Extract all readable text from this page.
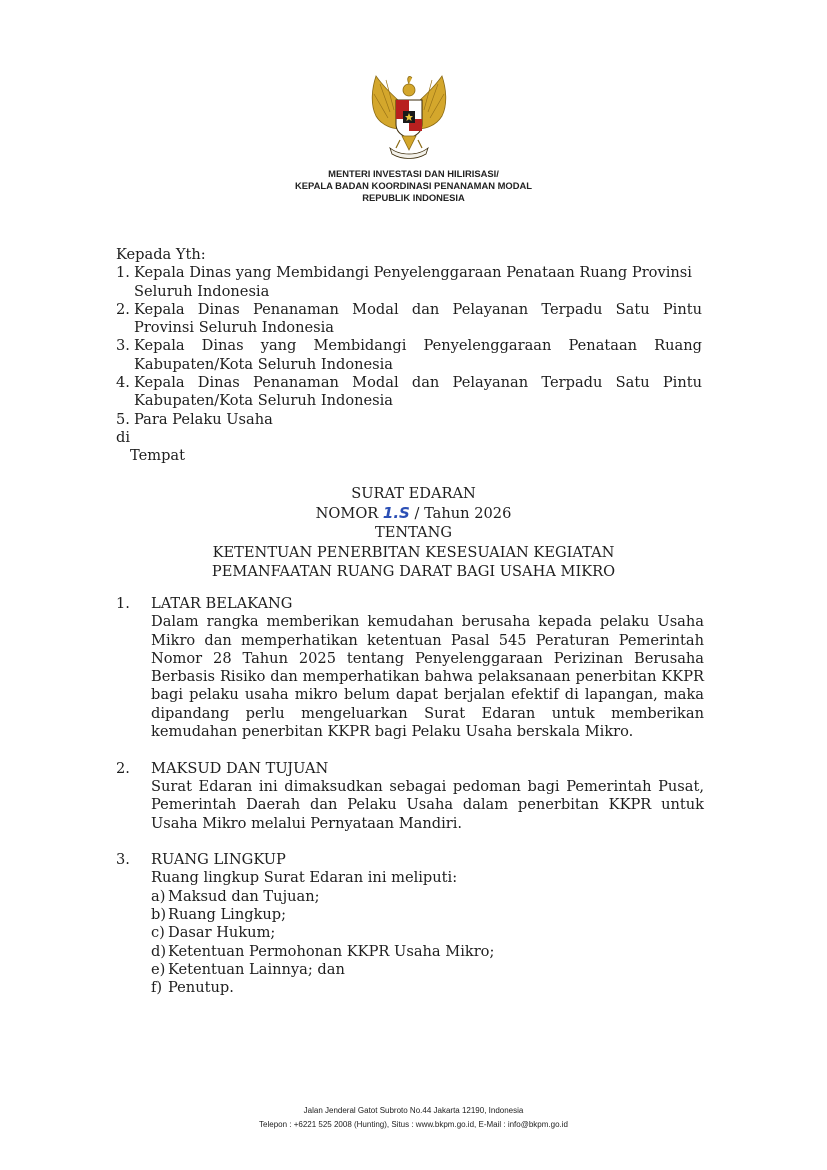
MENTERI INVESTASI DAN HILIRISASI/
KEPALA BADAN KOORDINASI PENANAMAN MODAL
REPUBLIK INDONESIA
Kepada Yth:
1. Kepala Dinas yang Membidangi Penyelenggaraan Penataan Ruang Provinsi
Seluruh Indonesia
2. Kepala Dinas Penanaman Modal dan Pelayanan Terpadu Satu Pintu
Provinsi Seluruh Indonesia
3. Kepala Dinas yang Membidangi Penyelenggaraan Penataan Ruang
Kabupaten/Kota Seluruh Indonesia
4. Kepala Dinas Penanaman Modal dan Pelayanan Terpadu Satu Pintu
Kabupaten/Kota Seluruh Indonesia
5. Para Pelaku Usaha
di
Tempat
SURAT EDARAN
NOMOR 1.S / Tahun 2026
TENTANG
KETENTUAN PENERBITAN KESESUAIAN KEGIATAN
PEMANFAATAN RUANG DARAT BAGI USAHA MIKRO
1.	LATAR BELAKANG

Dalam rangka memberikan kemudahan berusaha kepada pelaku Usaha Mikro dan memperhatikan ketentuan Pasal 545 Peraturan Pemerintah Nomor 28 Tahun 2025 tentang Penyelenggaraan Perizinan Berusaha Berbasis Risiko dan memperhatikan bahwa pelaksanaan penerbitan KKPR bagi pelaku usaha mikro belum dapat berjalan efektif di lapangan, maka dipandang perlu mengeluarkan Surat Edaran untuk memberikan kemudahan penerbitan KKPR bagi Pelaku Usaha berskala Mikro.

2.	MAKSUD DAN TUJUAN

Surat Edaran ini dimaksudkan sebagai pedoman bagi Pemerintah Pusat, Pemerintah Daerah dan Pelaku Usaha dalam penerbitan KKPR untuk Usaha Mikro melalui Pernyataan Mandiri.

3.	RUANG LINGKUP
Ruang lingkup Surat Edaran ini meliputi:
a) Maksud dan Tujuan;
b) Ruang Lingkup;
c) Dasar Hukum;
d) Ketentuan Permohonan KKPR Usaha Mikro;
e) Ketentuan Lainnya; dan
f) Penutup.
Jalan Jenderal Gatot Subroto No.44 Jakarta 12190, Indonesia
Telepon : +6221 525 2008 (Hunting), Situs : www.bkpm.go.id, E-Mail : info@bkpm.go.id
